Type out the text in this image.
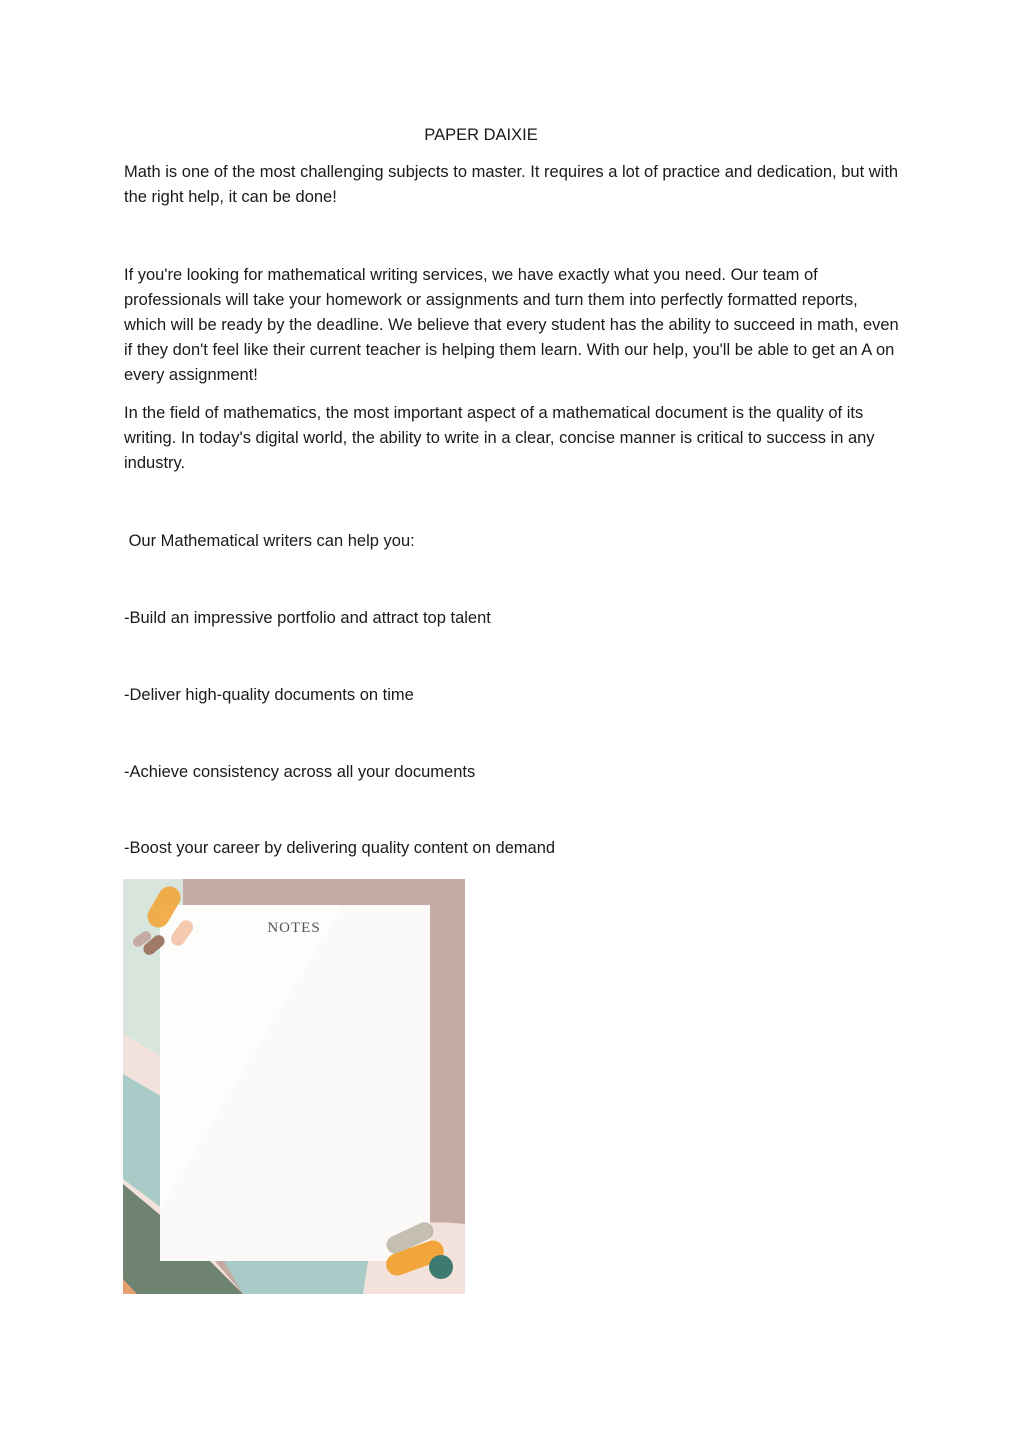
PAPER DAIXIE

Math is one of the most challenging subjects to master. It requires a lot of practice and dedication, but with the right help, it can be done!

If you're looking for mathematical writing services, we have exactly what you need. Our team of professionals will take your homework or assignments and turn them into perfectly formatted reports, which will be ready by the deadline. We believe that every student has the ability to succeed in math, even if they don't feel like their current teacher is helping them learn. With our help, you'll be able to get an A on every assignment!

In the field of mathematics, the most important aspect of a mathematical document is the quality of its writing. In today's digital world, the ability to write in a clear, concise manner is critical to success in any industry.

Our Mathematical writers can help you:

-Build an impressive portfolio and attract top talent

-Deliver high-quality documents on time

-Achieve consistency across all your documents

-Boost your career by delivering quality content on demand

NOTES
